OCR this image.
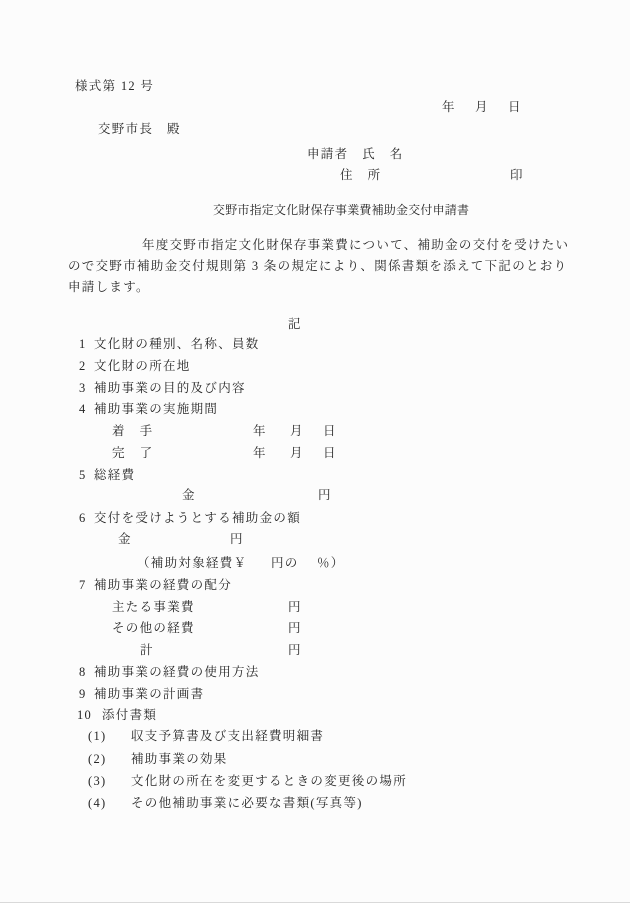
様式第 12 号
年 月 日
交野市長　殿
申請者　氏　名
住　所	印
交野市指定文化財保存事業費補助金交付申請書
年度交野市指定文化財保存事業費について、補助金の交付を受けたい
ので交野市補助金交付規則第 3 条の規定により、関係書類を添えて下記のとおり
申請します。
記
1 文化財の種別、名称、員数
2 文化財の所在地
3 補助事業の目的及び内容
4 補助事業の実施期間
着　手	年 月 日
完　了	年 月 日
5 総経費
金	円
6 交付を受けようとする補助金の額
金	円
（補助対象経費￥ 円の ％）
7 補助事業の経費の配分
主たる事業費	円
その他の経費	円
計	円
8 補助事業の経費の使用方法
9 補助事業の計画書
10 添付書類
(1) 収支予算書及び支出経費明細書
(2) 補助事業の効果
(3) 文化財の所在を変更するときの変更後の場所
(4) その他補助事業に必要な書類(写真等)
